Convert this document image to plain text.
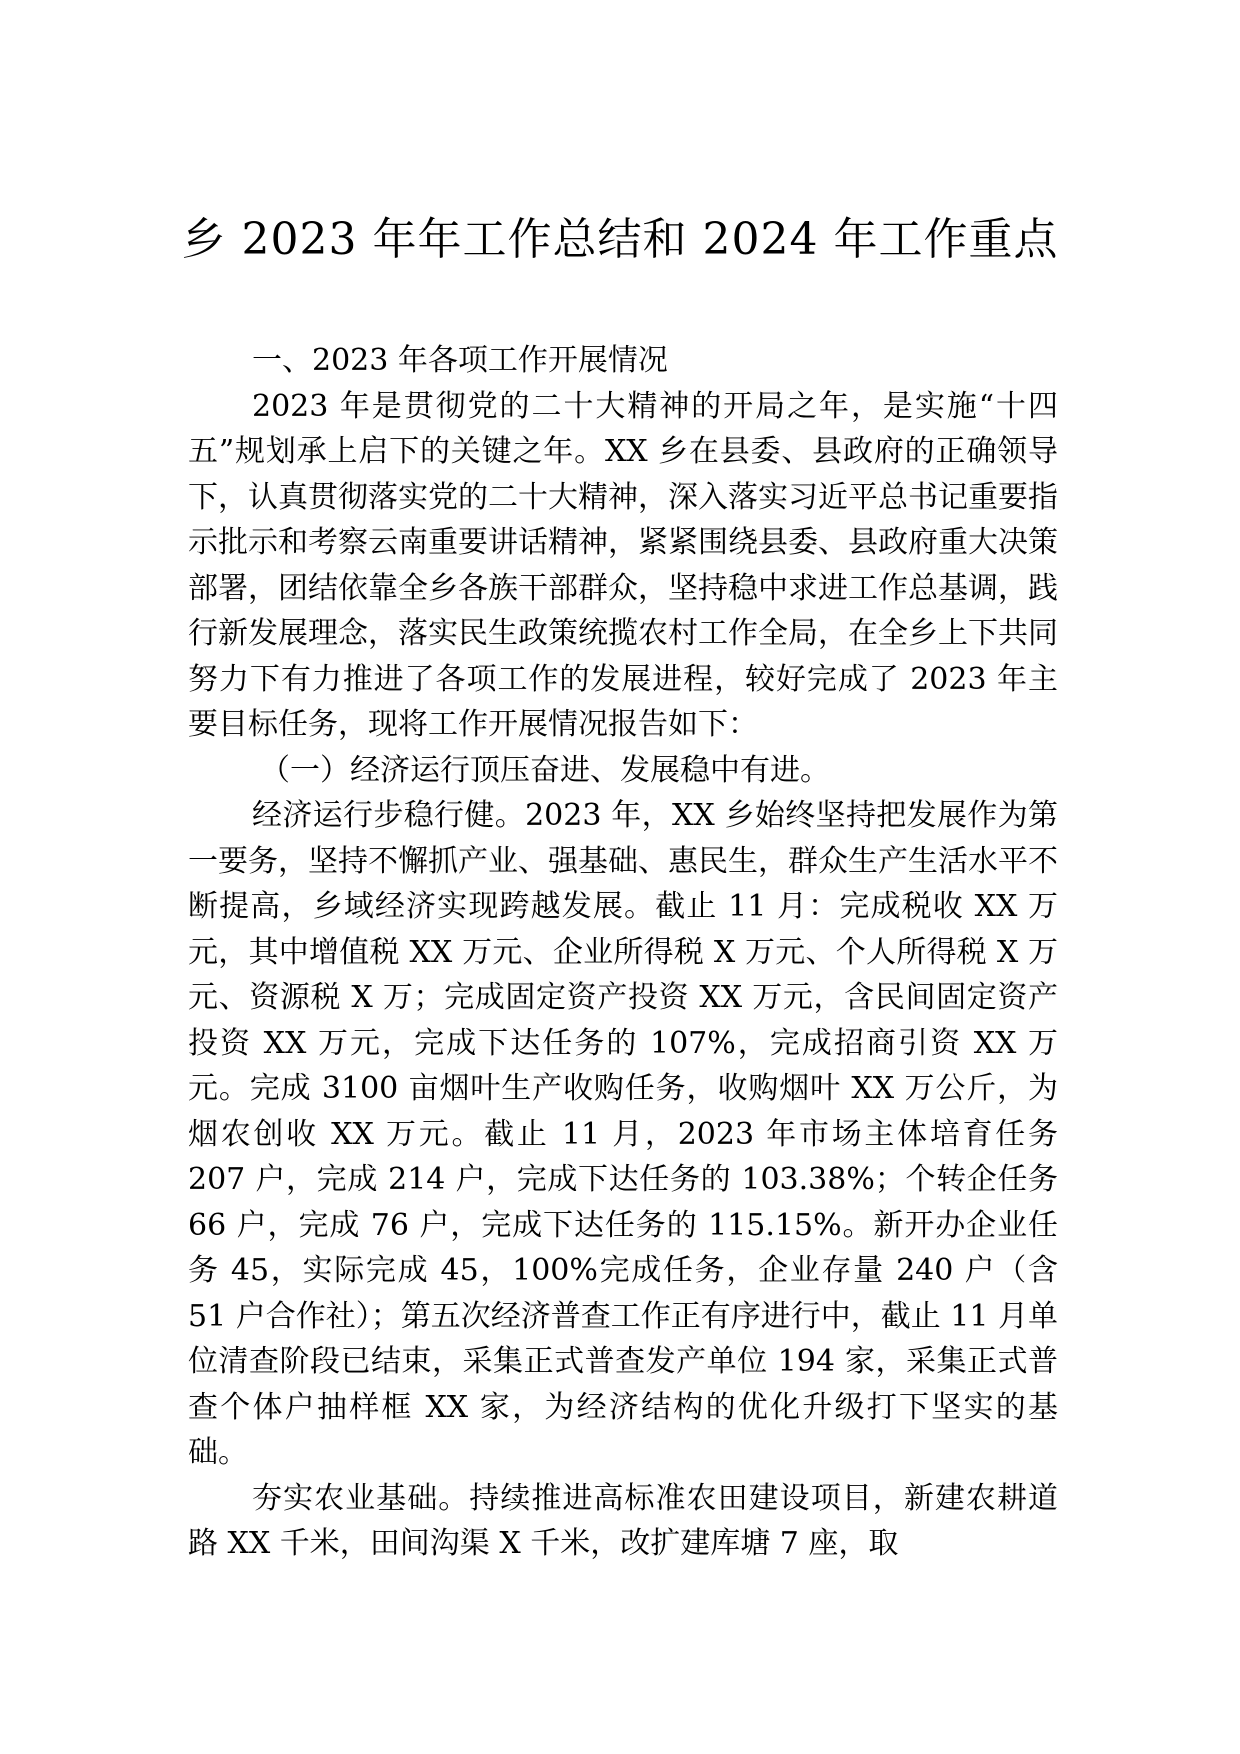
乡 2023 年年工作总结和 2024 年工作重点

一、2023 年各项工作开展情况

2023 年是贯彻党的二十大精神的开局之年，是实施“十四五”规划承上启下的关键之年。XX 乡在县委、县政府的正确领导下，认真贯彻落实党的二十大精神，深入落实习近平总书记重要指示批示和考察云南重要讲话精神，紧紧围绕县委、县政府重大决策部署，团结依靠全乡各族干部群众，坚持稳中求进工作总基调，践行新发展理念，落实民生政策统揽农村工作全局，在全乡上下共同努力下有力推进了各项工作的发展进程，较好完成了 2023 年主要目标任务，现将工作开展情况报告如下：

（一）经济运行顶压奋进、发展稳中有进。

经济运行步稳行健。2023 年，XX 乡始终坚持把发展作为第一要务，坚持不懈抓产业、强基础、惠民生，群众生产生活水平不断提高，乡域经济实现跨越发展。截止 11 月：完成税收 XX 万元，其中增值税 XX 万元、企业所得税 X 万元、个人所得税 X 万元、资源税 X 万；完成固定资产投资 XX 万元，含民间固定资产投资 XX 万元，完成下达任务的 107%，完成招商引资 XX 万元。完成 3100 亩烟叶生产收购任务，收购烟叶 XX 万公斤，为烟农创收 XX 万元。截止 11 月，2023 年市场主体培育任务 207 户，完成 214 户，完成下达任务的 103.38%；个转企任务 66 户，完成 76 户，完成下达任务的 115.15%。新开办企业任务 45，实际完成 45，100%完成任务，企业存量 240 户（含 51 户合作社）；第五次经济普查工作正有序进行中，截止 11 月单位清查阶段已结束，采集正式普查发产单位 194 家，采集正式普查个体户抽样框 XX 家，为经济结构的优化升级打下坚实的基础。

夯实农业基础。持续推进高标准农田建设项目，新建农耕道路 XX 千米，田间沟渠 X 千米，改扩建库塘 7 座，取
